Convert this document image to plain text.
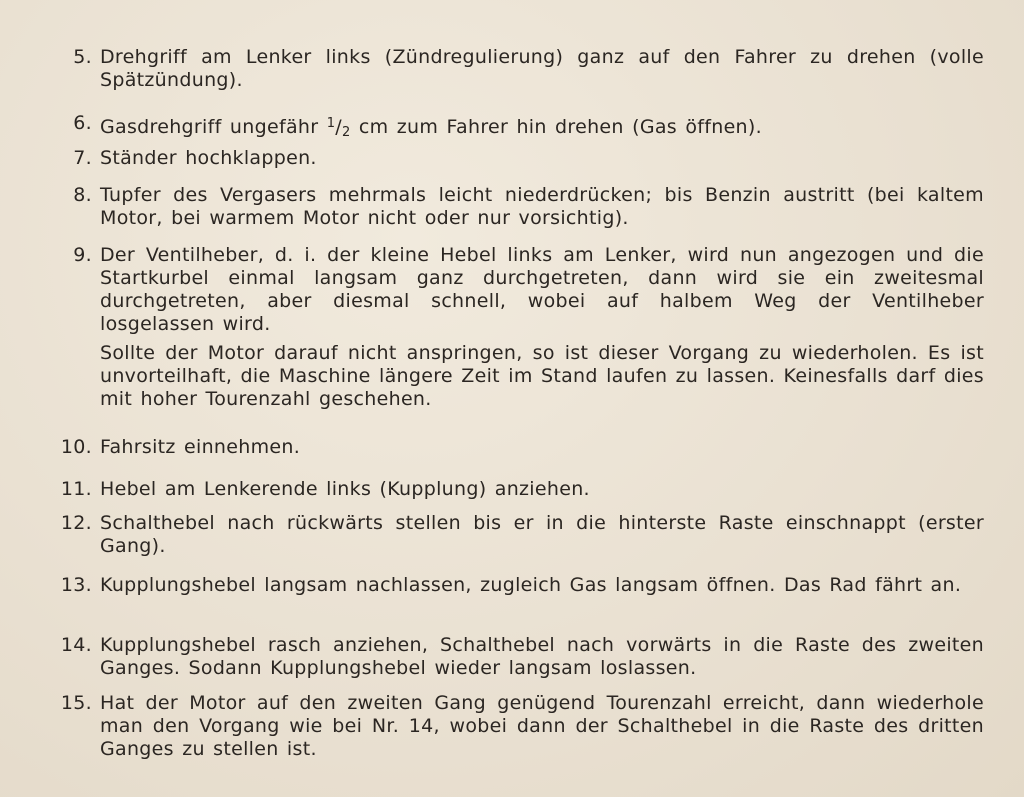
5. Drehgriff am Lenker links (Zündregulierung) ganz auf den Fahrer zu drehen (volle Spätzündung).

6. Gasdrehgriff ungefähr $^1$/2 cm zum Fahrer hin drehen (Gas öffnen).

7. Ständer hochklappen.

8. Tupfer des Vergasers mehrmals leicht niederdrücken; bis Benzin austritt (bei kaltem Motor, bei warmem Motor nicht oder nur vorsichtig).

9. Der Ventilheber, d. i. der kleine Hebel links am Lenker, wird nun angezogen und die Startkurbel einmal langsam ganz durchgetreten, dann wird sie ein zweitesmal durchgetreten, aber diesmal schnell, wobei auf halbem Weg der Ventilheber losgelassen wird.

Sollte der Motor darauf nicht anspringen, so ist dieser Vorgang zu wiederholen. Es ist unvorteilhaft, die Maschine längere Zeit im Stand laufen zu lassen. Keinesfalls darf dies mit hoher Tourenzahl geschehen.

10. Fahrsitz einnehmen.

11. Hebel am Lenkerende links (Kupplung) anziehen.

12. Schalthebel nach rückwärts stellen bis er in die hinterste Raste einschnappt (erster Gang).

13. Kupplungshebel langsam nachlassen, zugleich Gas langsam öffnen. Das Rad fährt an.

14. Kupplungshebel rasch anziehen, Schalthebel nach vorwärts in die Raste des zweiten Ganges. Sodann Kupplungshebel wieder langsam loslassen.

15. Hat der Motor auf den zweiten Gang genügend Tourenzahl erreicht, dann wiederhole man den Vorgang wie bei Nr. 14, wobei dann der Schalthebel in die Raste des dritten Ganges zu stellen ist.
